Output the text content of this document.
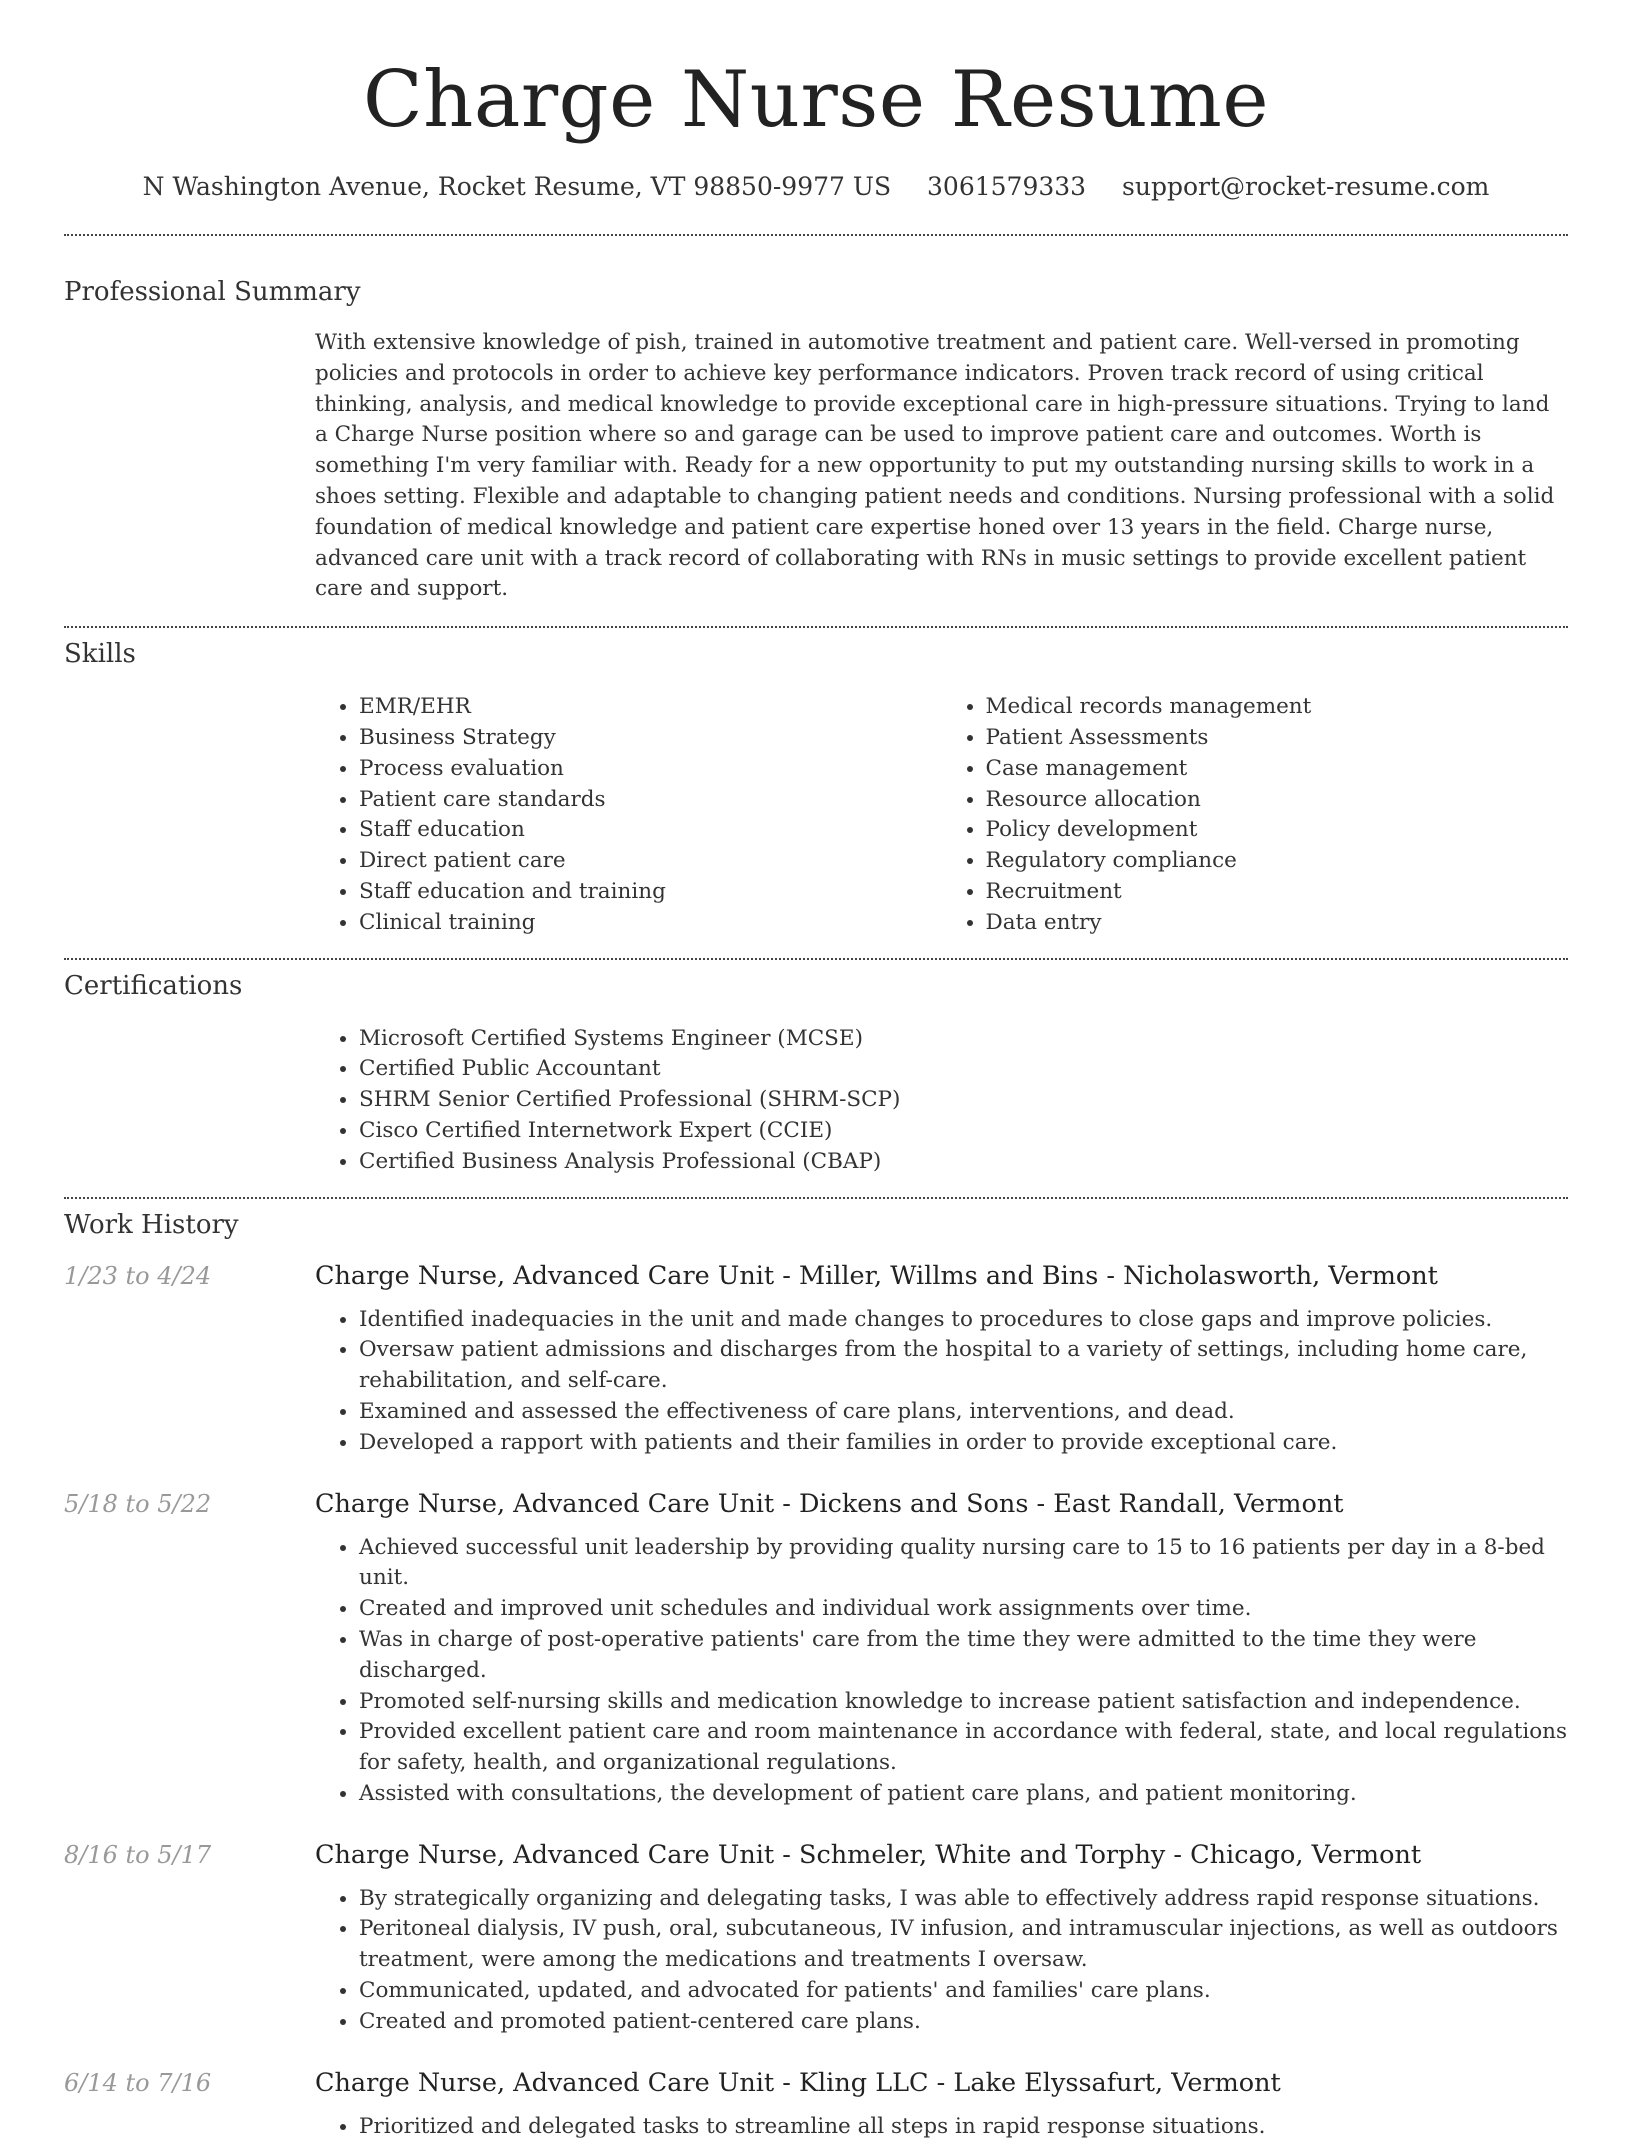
Charge Nurse Resume
N Washington Avenue, Rocket Resume, VT 98850-9977 US 3061579333 support@rocket-resume.com
Professional Summary

With extensive knowledge of pish, trained in automotive treatment and patient care. Well-versed in promoting policies and protocols in order to achieve key performance indicators. Proven track record of using critical thinking, analysis, and medical knowledge to provide exceptional care in high-pressure situations. Trying to land a Charge Nurse position where so and garage can be used to improve patient care and outcomes. Worth is something I'm very familiar with. Ready for a new opportunity to put my outstanding nursing skills to work in a shoes setting. Flexible and adaptable to changing patient needs and conditions. Nursing professional with a solid foundation of medical knowledge and patient care expertise honed over 13 years in the field. Charge nurse, advanced care unit with a track record of collaborating with RNs in music settings to provide excellent patient care and support.

Skills
• EMR/EHR
• Business Strategy
• Process evaluation
• Patient care standards
• Staff education
• Direct patient care
• Staff education and training
• Clinical training
• Medical records management
• Patient Assessments
• Case management
• Resource allocation
• Policy development
• Regulatory compliance
• Recruitment
• Data entry
Certifications
• Microsoft Certified Systems Engineer (MCSE)
• Certified Public Accountant
• SHRM Senior Certified Professional (SHRM-SCP)
• Cisco Certified Internetwork Expert (CCIE)
• Certified Business Analysis Professional (CBAP)
Work History
1/23 to 4/24	Charge Nurse, Advanced Care Unit - Miller, Willms and Bins - Nicholasworth, Vermont
• Identified inadequacies in the unit and made changes to procedures to close gaps and improve policies.
• Oversaw patient admissions and discharges from the hospital to a variety of settings, including home care, rehabilitation, and self-care.
• Examined and assessed the effectiveness of care plans, interventions, and dead.
• Developed a rapport with patients and their families in order to provide exceptional care.
5/18 to 5/22	Charge Nurse, Advanced Care Unit - Dickens and Sons - East Randall, Vermont
• Achieved successful unit leadership by providing quality nursing care to 15 to 16 patients per day in a 8-bed unit.
• Created and improved unit schedules and individual work assignments over time.
• Was in charge of post-operative patients' care from the time they were admitted to the time they were discharged.
• Promoted self-nursing skills and medication knowledge to increase patient satisfaction and independence.
• Provided excellent patient care and room maintenance in accordance with federal, state, and local regulations for safety, health, and organizational regulations.
• Assisted with consultations, the development of patient care plans, and patient monitoring.
8/16 to 5/17	Charge Nurse, Advanced Care Unit - Schmeler, White and Torphy - Chicago, Vermont
• By strategically organizing and delegating tasks, I was able to effectively address rapid response situations.
• Peritoneal dialysis, IV push, oral, subcutaneous, IV infusion, and intramuscular injections, as well as outdoors treatment, were among the medications and treatments I oversaw.
• Communicated, updated, and advocated for patients' and families' care plans.
• Created and promoted patient-centered care plans.
6/14 to 7/16	Charge Nurse, Advanced Care Unit - Kling LLC - Lake Elyssafurt, Vermont
• Prioritized and delegated tasks to streamline all steps in rapid response situations.
